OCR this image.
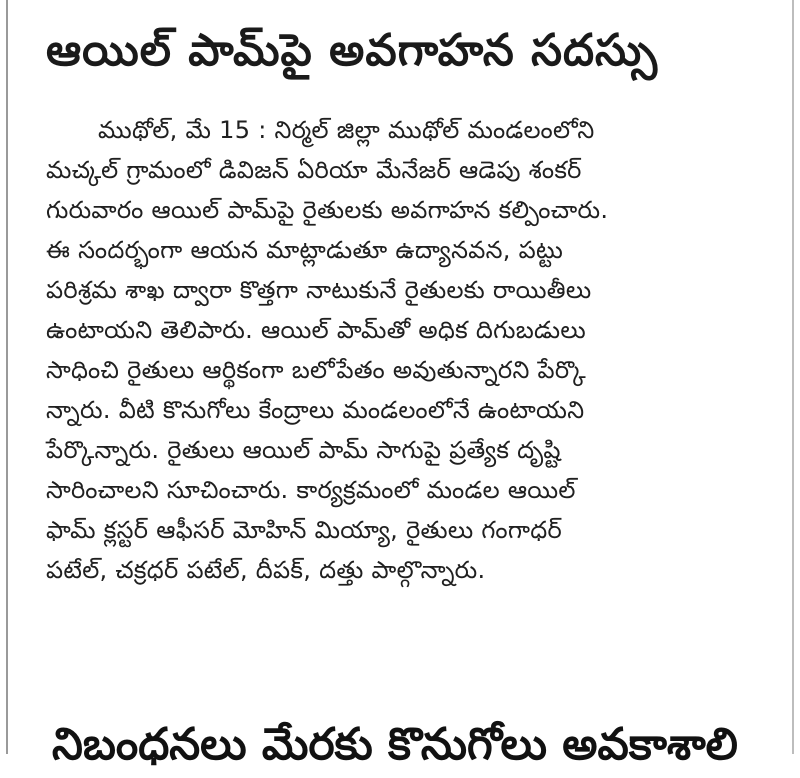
ఆయిల్ పామ్‌పై అవగాహన సదస్సు
ముథోల్, మే 15 : నిర్మల్ జిల్లా ముథోల్ మండలంలోని
మచ్కల్ గ్రామంలో డివిజన్ ఏరియా మేనేజర్ ఆడెపు శంకర్
గురువారం ఆయిల్ పామ్‌పై రైతులకు అవగాహన కల్పించారు.
ఈ సందర్భంగా ఆయన మాట్లాడుతూ ఉద్యానవన, పట్టు
పరిశ్రమ శాఖ ద్వారా కొత్తగా నాటుకునే రైతులకు రాయితీలు
ఉంటాయని తెలిపారు. ఆయిల్ పామ్‌తో అధిక దిగుబడులు
సాధించి రైతులు ఆర్థికంగా బలోపేతం అవుతున్నారని పేర్కొ
న్నారు. వీటి కొనుగోలు కేంద్రాలు మండలంలోనే ఉంటాయని
పేర్కొన్నారు. రైతులు ఆయిల్ పామ్ సాగుపై ప్రత్యేక దృష్టి
సారించాలని సూచించారు. కార్యక్రమంలో మండల ఆయిల్
ఫామ్ క్లస్టర్ ఆఫీసర్ మోహిన్ మియ్యా, రైతులు గంగాధర్
పటేల్, చక్రధర్ పటేల్, దీపక్, దత్తు పాల్గొన్నారు.
నిబంధనలు మేరకు కొనుగోలు అవకాశాలి
